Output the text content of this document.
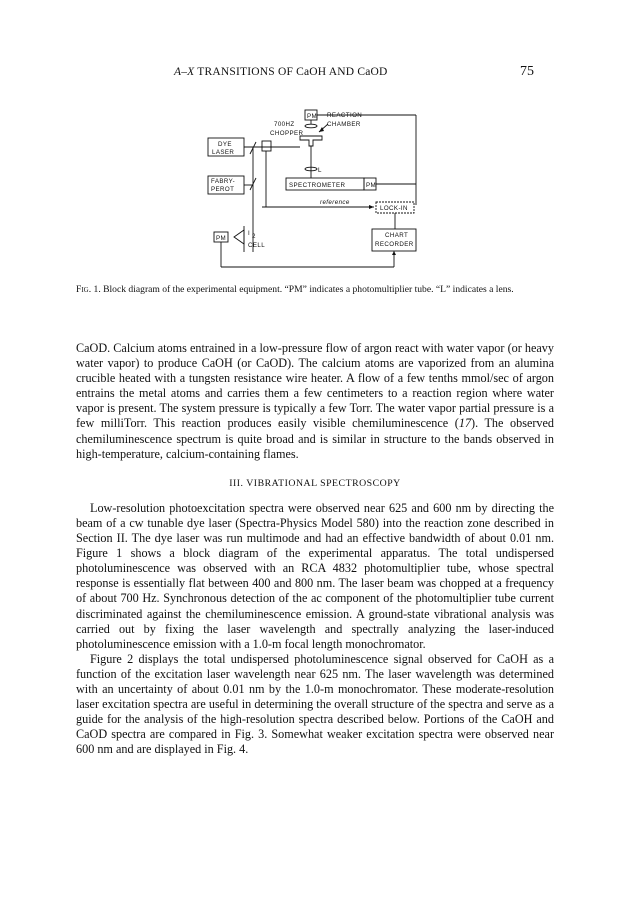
A–X TRANSITIONS OF CaOH AND CaOD	75
PM REACTION
CHAMBER
700HZ
CHOPPER
DYE
LASER
FABRY-
PEROT
L
SPECTROMETER	PM
reference
LOCK-IN
CHART
RECORDER
PM
I 2
CELL
Fig. 1. Block diagram of the experimental equipment. “PM” indicates a photomultiplier tube. “L” indicates a lens.

CaOD. Calcium atoms entrained in a low-pressure flow of argon react with water vapor (or heavy water vapor) to produce CaOH (or CaOD). The calcium atoms are vaporized from an alumina crucible heated with a tungsten resistance wire heater. A flow of a few tenths mmol/sec of argon entrains the metal atoms and carries them a few centimeters to a reaction region where water vapor is present. The system pressure is typically a few Torr. The water vapor partial pressure is a few milliTorr. This reaction produces easily visible chemiluminescence (17). The observed chemiluminescence spectrum is quite broad and is similar in structure to the bands observed in high-temperature, calcium-containing flames.

III. VIBRATIONAL SPECTROSCOPY

Low-resolution photoexcitation spectra were observed near 625 and 600 nm by directing the beam of a cw tunable dye laser (Spectra-Physics Model 580) into the reaction zone described in Section II. The dye laser was run multimode and had an effective bandwidth of about 0.01 nm. Figure 1 shows a block diagram of the experimental apparatus. The total undispersed photoluminescence was observed with an RCA 4832 photomultiplier tube, whose spectral response is essentially flat between 400 and 800 nm. The laser beam was chopped at a frequency of about 700 Hz. Synchronous detection of the ac component of the photomultiplier tube current discriminated against the chemiluminescence emission. A ground-state vibrational analysis was carried out by fixing the laser wavelength and spectrally analyzing the laser-induced photoluminescence emission with a 1.0-m focal length monochromator.

Figure 2 displays the total undispersed photoluminescence signal observed for CaOH as a function of the excitation laser wavelength near 625 nm. The laser wavelength was determined with an uncertainty of about 0.01 nm by the 1.0-m monochromator. These moderate-resolution laser excitation spectra are useful in determining the overall structure of the spectra and serve as a guide for the analysis of the high-resolution spectra described below. Portions of the CaOH and CaOD spectra are compared in Fig. 3. Somewhat weaker excitation spectra were observed near 600 nm and are displayed in Fig. 4.
